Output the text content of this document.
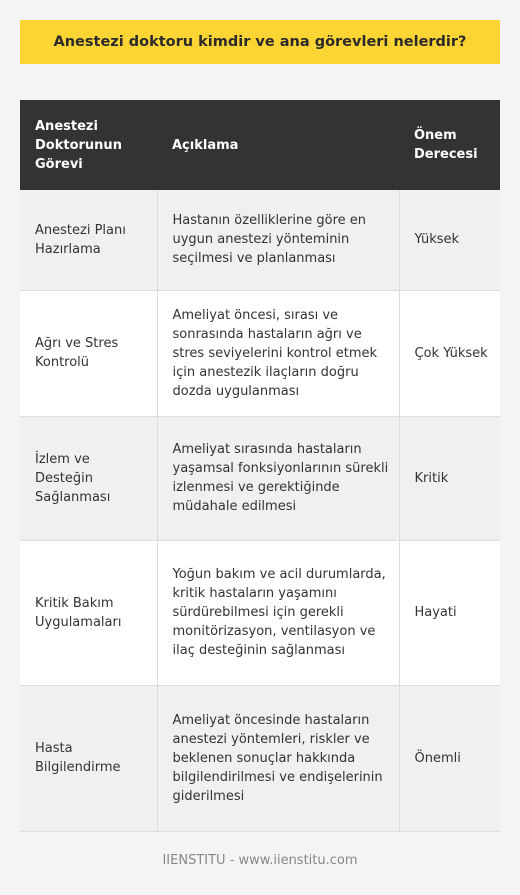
Anestezi doktoru kimdir ve ana görevleri nelerdir?
Anestezi Doktorunun Görevi	Açıklama	Önem Derecesi
Anestezi Planı Hazırlama	Hastanın özelliklerine göre en uygun anestezi yönteminin seçilmesi ve planlanması	Yüksek
Ağrı ve Stres Kontrolü	Ameliyat öncesi, sırası ve sonrasında hastaların ağrı ve stres seviyelerini kontrol etmek için anestezik ilaçların doğru dozda uygulanması	Çok Yüksek
İzlem ve Desteğin Sağlanması	Ameliyat sırasında hastaların yaşamsal fonksiyonlarının sürekli izlenmesi ve gerektiğinde müdahale edilmesi	Kritik
Kritik Bakım Uygulamaları	Yoğun bakım ve acil durumlarda, kritik hastaların yaşamını sürdürebilmesi için gerekli monitörizasyon, ventilasyon ve ilaç desteğinin sağlanması	Hayati
Hasta Bilgilendirme	Ameliyat öncesinde hastaların anestezi yöntemleri, riskler ve beklenen sonuçlar hakkında bilgilendirilmesi ve endişelerinin giderilmesi	Önemli
IIENSTITU - www.iienstitu.com
